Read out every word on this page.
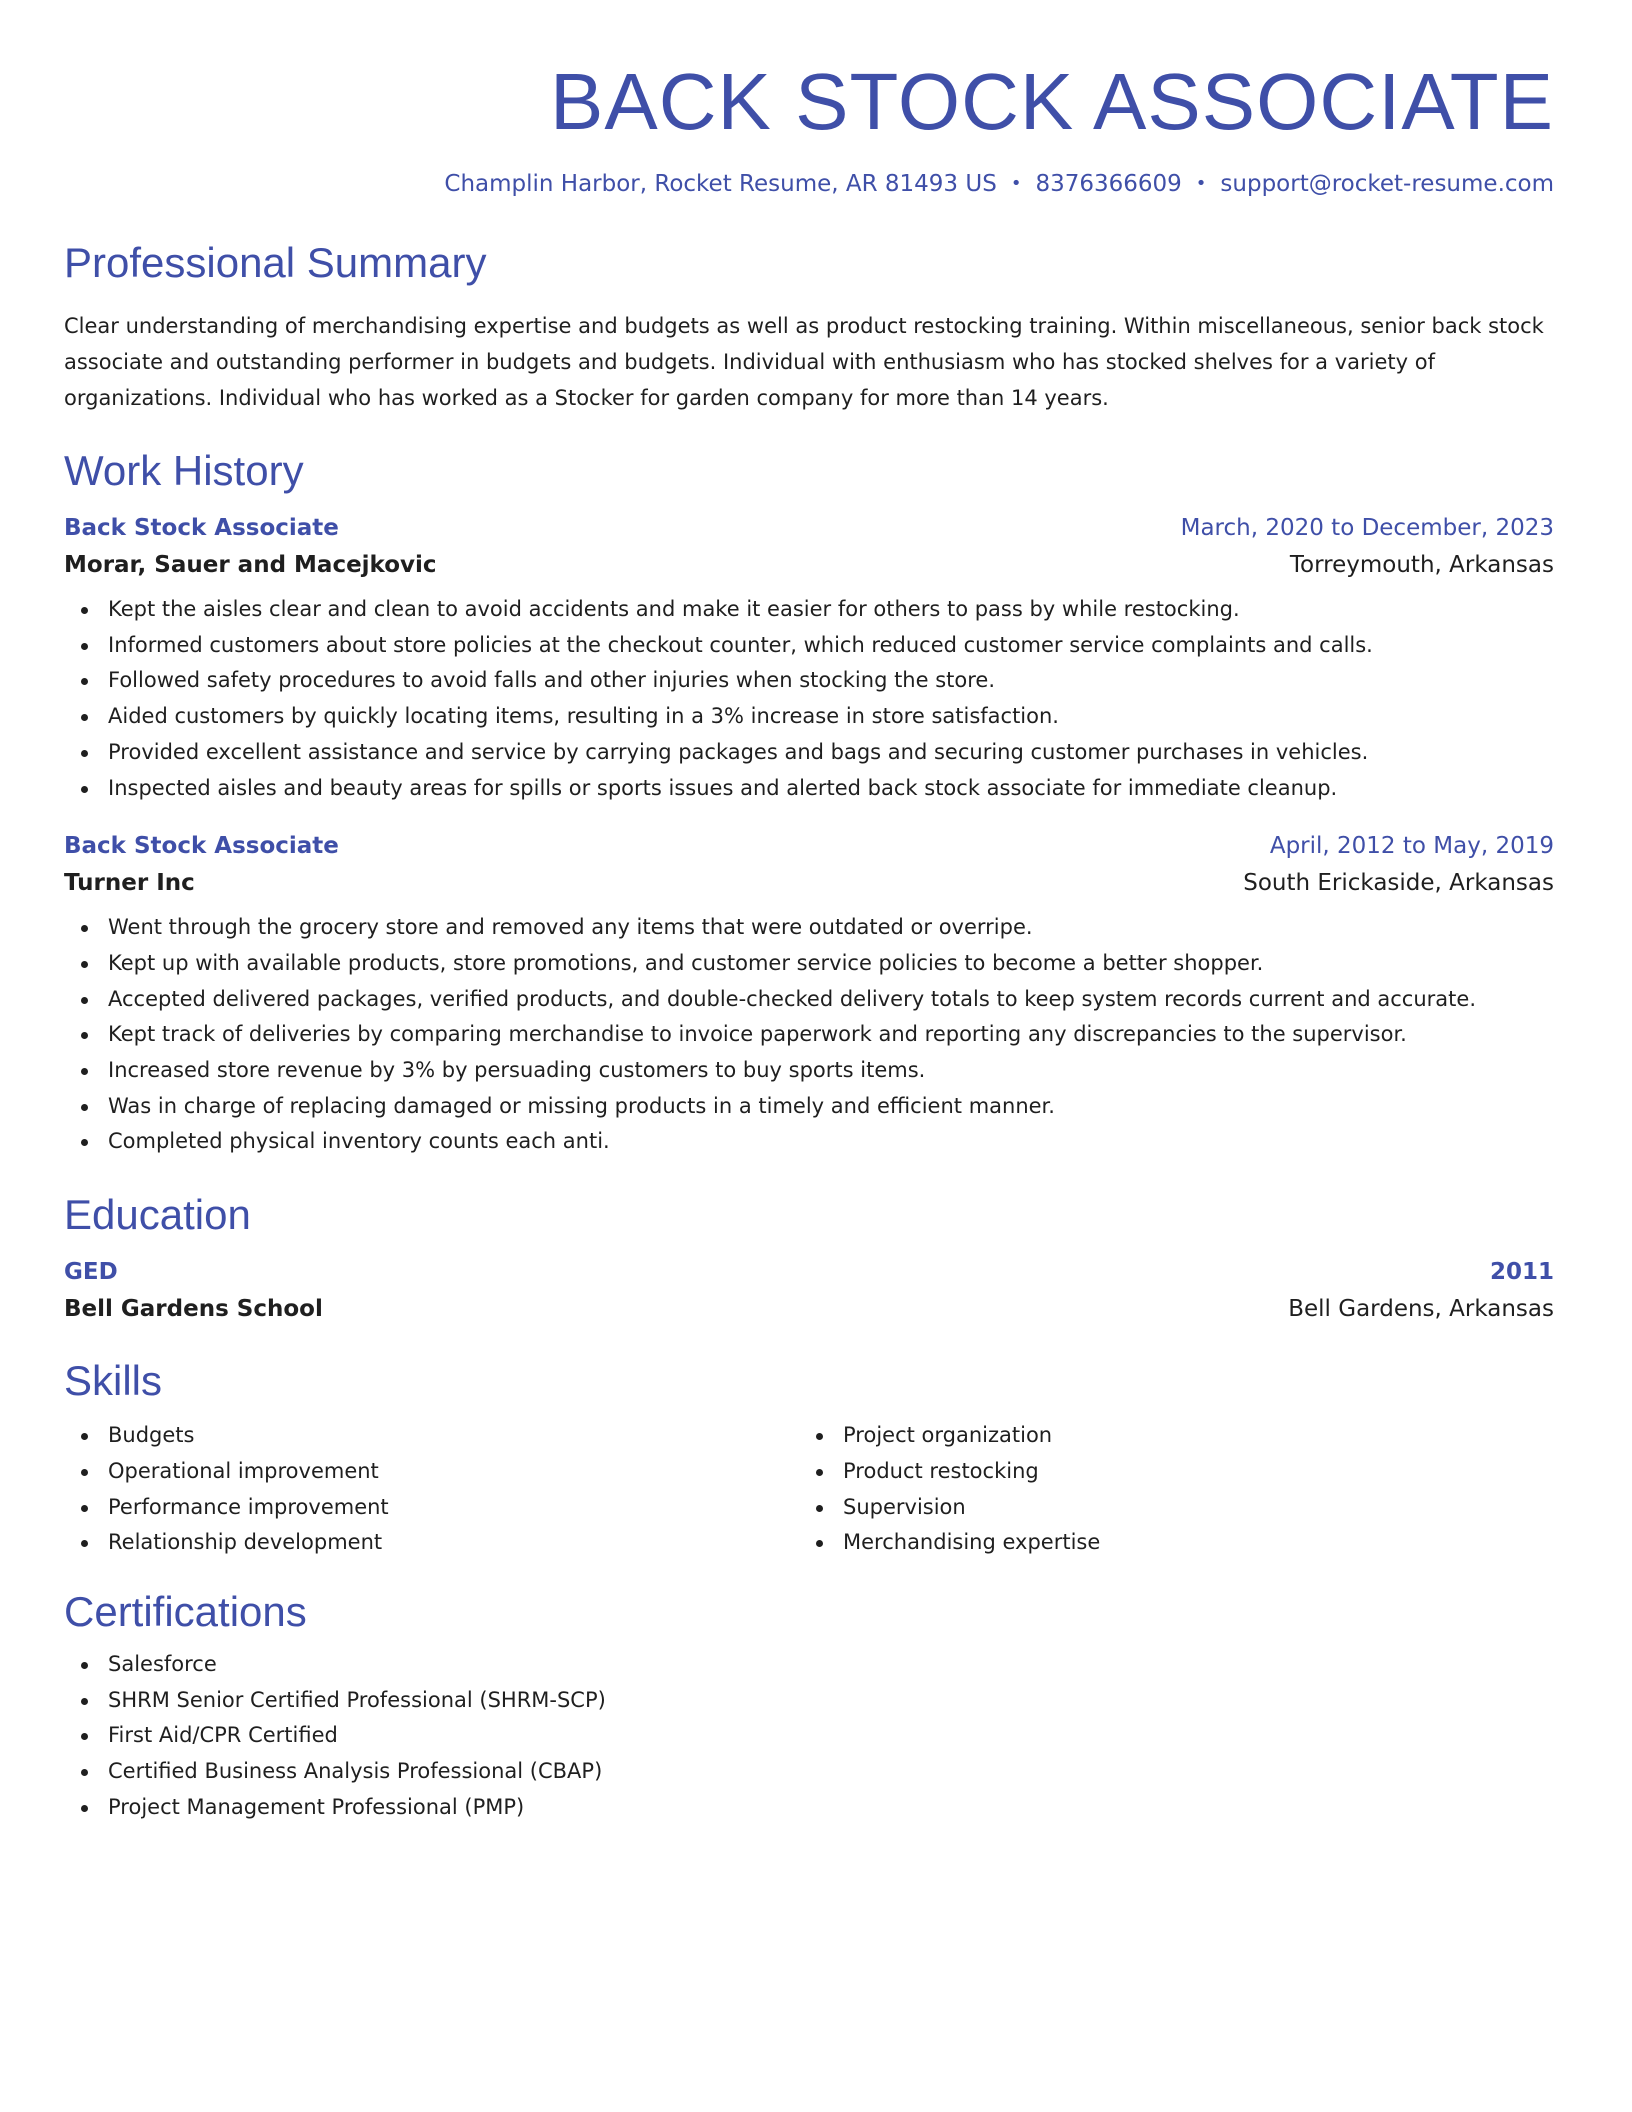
BACK STOCK ASSOCIATE
Champlin Harbor, Rocket Resume, AR 81493 US • 8376366609 • support@rocket-resume.com
Professional Summary
Clear understanding of merchandising expertise and budgets as well as product restocking training. Within miscellaneous, senior back stock associate and outstanding performer in budgets and budgets. Individual with enthusiasm who has stocked shelves for a variety of organizations. Individual who has worked as a Stocker for garden company for more than 14 years.
Work History
Back Stock Associate	March, 2020 to December, 2023
Morar, Sauer and Macejkovic	Torreymouth, Arkansas
Kept the aisles clear and clean to avoid accidents and make it easier for others to pass by while restocking.
Informed customers about store policies at the checkout counter, which reduced customer service complaints and calls.
Followed safety procedures to avoid falls and other injuries when stocking the store.
Aided customers by quickly locating items, resulting in a 3% increase in store satisfaction.
Provided excellent assistance and service by carrying packages and bags and securing customer purchases in vehicles.
Inspected aisles and beauty areas for spills or sports issues and alerted back stock associate for immediate cleanup.
Back Stock Associate	April, 2012 to May, 2019
Turner Inc	South Erickaside, Arkansas
Went through the grocery store and removed any items that were outdated or overripe.
Kept up with available products, store promotions, and customer service policies to become a better shopper.
Accepted delivered packages, verified products, and double-checked delivery totals to keep system records current and accurate.
Kept track of deliveries by comparing merchandise to invoice paperwork and reporting any discrepancies to the supervisor.
Increased store revenue by 3% by persuading customers to buy sports items.
Was in charge of replacing damaged or missing products in a timely and efficient manner.
Completed physical inventory counts each anti.
Education
GED	2011
Bell Gardens School	Bell Gardens, Arkansas
Skills
Budgets
Operational improvement
Performance improvement
Relationship development
Project organization
Product restocking
Supervision
Merchandising expertise
Certifications
Salesforce
SHRM Senior Certified Professional (SHRM-SCP)
First Aid/CPR Certified
Certified Business Analysis Professional (CBAP)
Project Management Professional (PMP)
